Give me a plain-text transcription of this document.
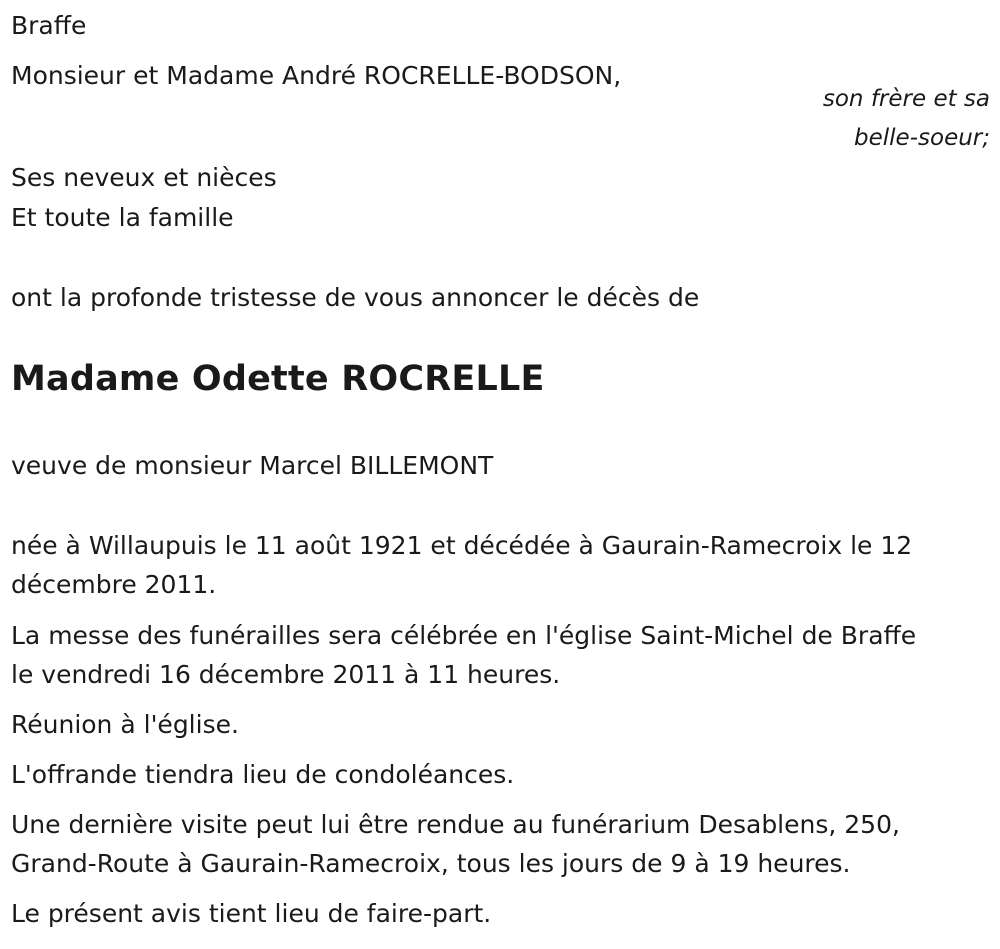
Braffe
Monsieur et Madame André ROCRELLE-BODSON,
son frère et sa
belle-soeur;
Ses neveux et nièces
Et toute la famille
ont la profonde tristesse de vous annoncer le décès de
Madame Odette ROCRELLE
veuve de monsieur Marcel BILLEMONT
née à Willaupuis le 11 août 1921 et décédée à Gaurain-Ramecroix le 12
décembre 2011.
La messe des funérailles sera célébrée en l'église Saint-Michel de Braffe
le vendredi 16 décembre 2011 à 11 heures.
Réunion à l'église.
L'offrande tiendra lieu de condoléances.
Une dernière visite peut lui être rendue au funérarium Desablens, 250,
Grand-Route à Gaurain-Ramecroix, tous les jours de 9 à 19 heures.
Le présent avis tient lieu de faire-part.
